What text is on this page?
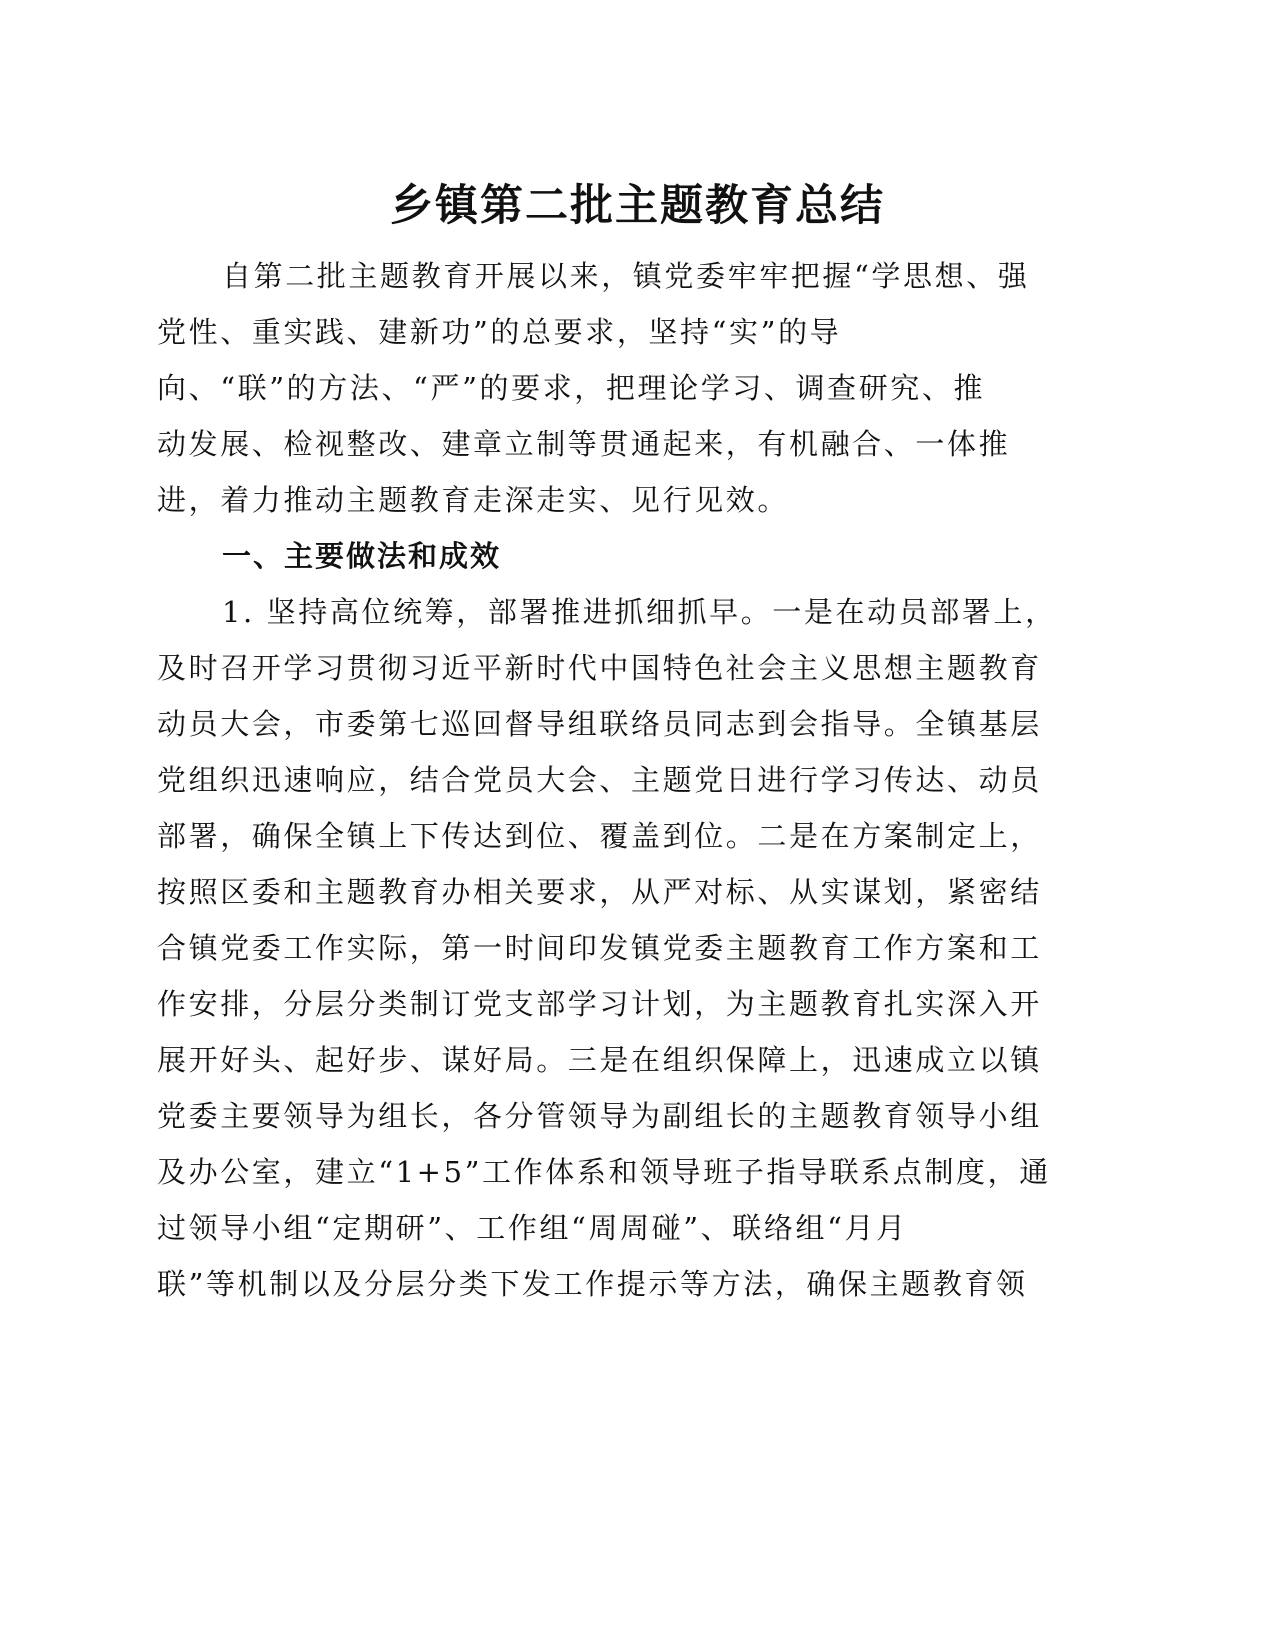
乡镇第二批主题教育总结

自第二批主题教育开展以来，镇党委牢牢把握“学思想、强

党性、重实践、建新功”的总要求，坚持“实”的导

向、“联”的方法、“严”的要求，把理论学习、调查研究、推

动发展、检视整改、建章立制等贯通起来，有机融合、一体推

进，着力推动主题教育走深走实、见行见效。

一、主要做法和成效

1. 坚持高位统筹，部署推进抓细抓早。一是在动员部署上，

及时召开学习贯彻习近平新时代中国特色社会主义思想主题教育

动员大会，市委第七巡回督导组联络员同志到会指导。全镇基层

党组织迅速响应，结合党员大会、主题党日进行学习传达、动员

部署，确保全镇上下传达到位、覆盖到位。二是在方案制定上，

按照区委和主题教育办相关要求，从严对标、从实谋划，紧密结

合镇党委工作实际，第一时间印发镇党委主题教育工作方案和工

作安排，分层分类制订党支部学习计划，为主题教育扎实深入开

展开好头、起好步、谋好局。三是在组织保障上，迅速成立以镇

党委主要领导为组长，各分管领导为副组长的主题教育领导小组

及办公室，建立“1+5”工作体系和领导班子指导联系点制度，通

过领导小组“定期研”、工作组“周周碰”、联络组“月月

联”等机制以及分层分类下发工作提示等方法，确保主题教育领
